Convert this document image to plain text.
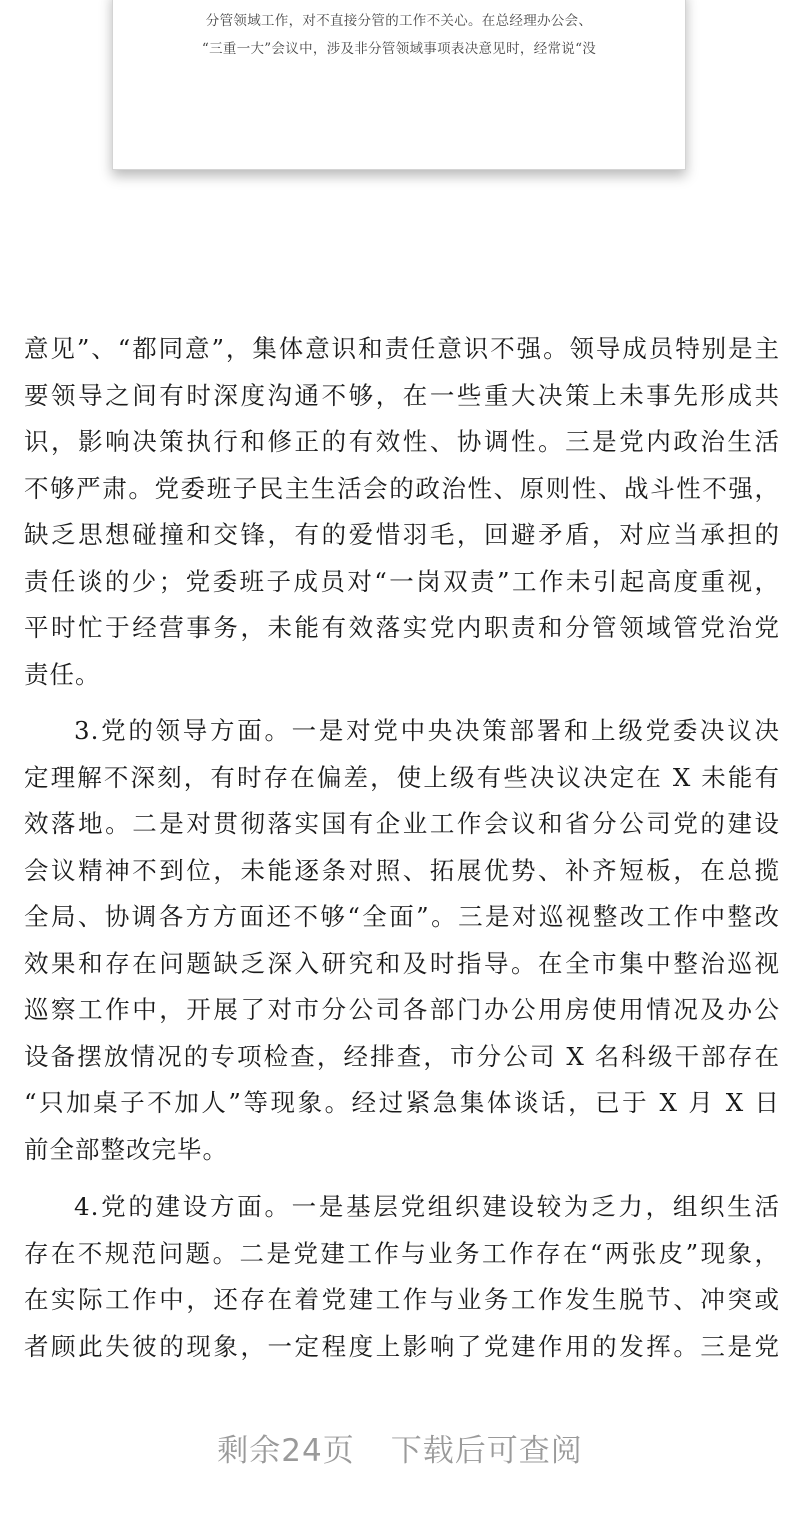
分管领域工作，对不直接分管的工作不关心。在总经理办公会、
“三重一大”会议中，涉及非分管领域事项表决意见时，经常说“没
意见”、“都同意”，集体意识和责任意识不强。领导成员特别是主
要领导之间有时深度沟通不够，在一些重大决策上未事先形成共
识，影响决策执行和修正的有效性、协调性。三是党内政治生活
不够严肃。党委班子民主生活会的政治性、原则性、战斗性不强，
缺乏思想碰撞和交锋，有的爱惜羽毛，回避矛盾，对应当承担的
责任谈的少；党委班子成员对“一岗双责”工作未引起高度重视，
平时忙于经营事务，未能有效落实党内职责和分管领域管党治党
责任。
3.党的领导方面。一是对党中央决策部署和上级党委决议决
定理解不深刻，有时存在偏差，使上级有些决议决定在 X 未能有
效落地。二是对贯彻落实国有企业工作会议和省分公司党的建设
会议精神不到位，未能逐条对照、拓展优势、补齐短板，在总揽
全局、协调各方方面还不够“全面”。三是对巡视整改工作中整改
效果和存在问题缺乏深入研究和及时指导。在全市集中整治巡视
巡察工作中，开展了对市分公司各部门办公用房使用情况及办公
设备摆放情况的专项检查，经排查，市分公司 X 名科级干部存在
“只加桌子不加人”等现象。经过紧急集体谈话，已于 X 月 X 日
前全部整改完毕。
4.党的建设方面。一是基层党组织建设较为乏力，组织生活
存在不规范问题。二是党建工作与业务工作存在“两张皮”现象，
在实际工作中，还存在着党建工作与业务工作发生脱节、冲突或
者顾此失彼的现象，一定程度上影响了党建作用的发挥。三是党
剩余24页 下载后可查阅
